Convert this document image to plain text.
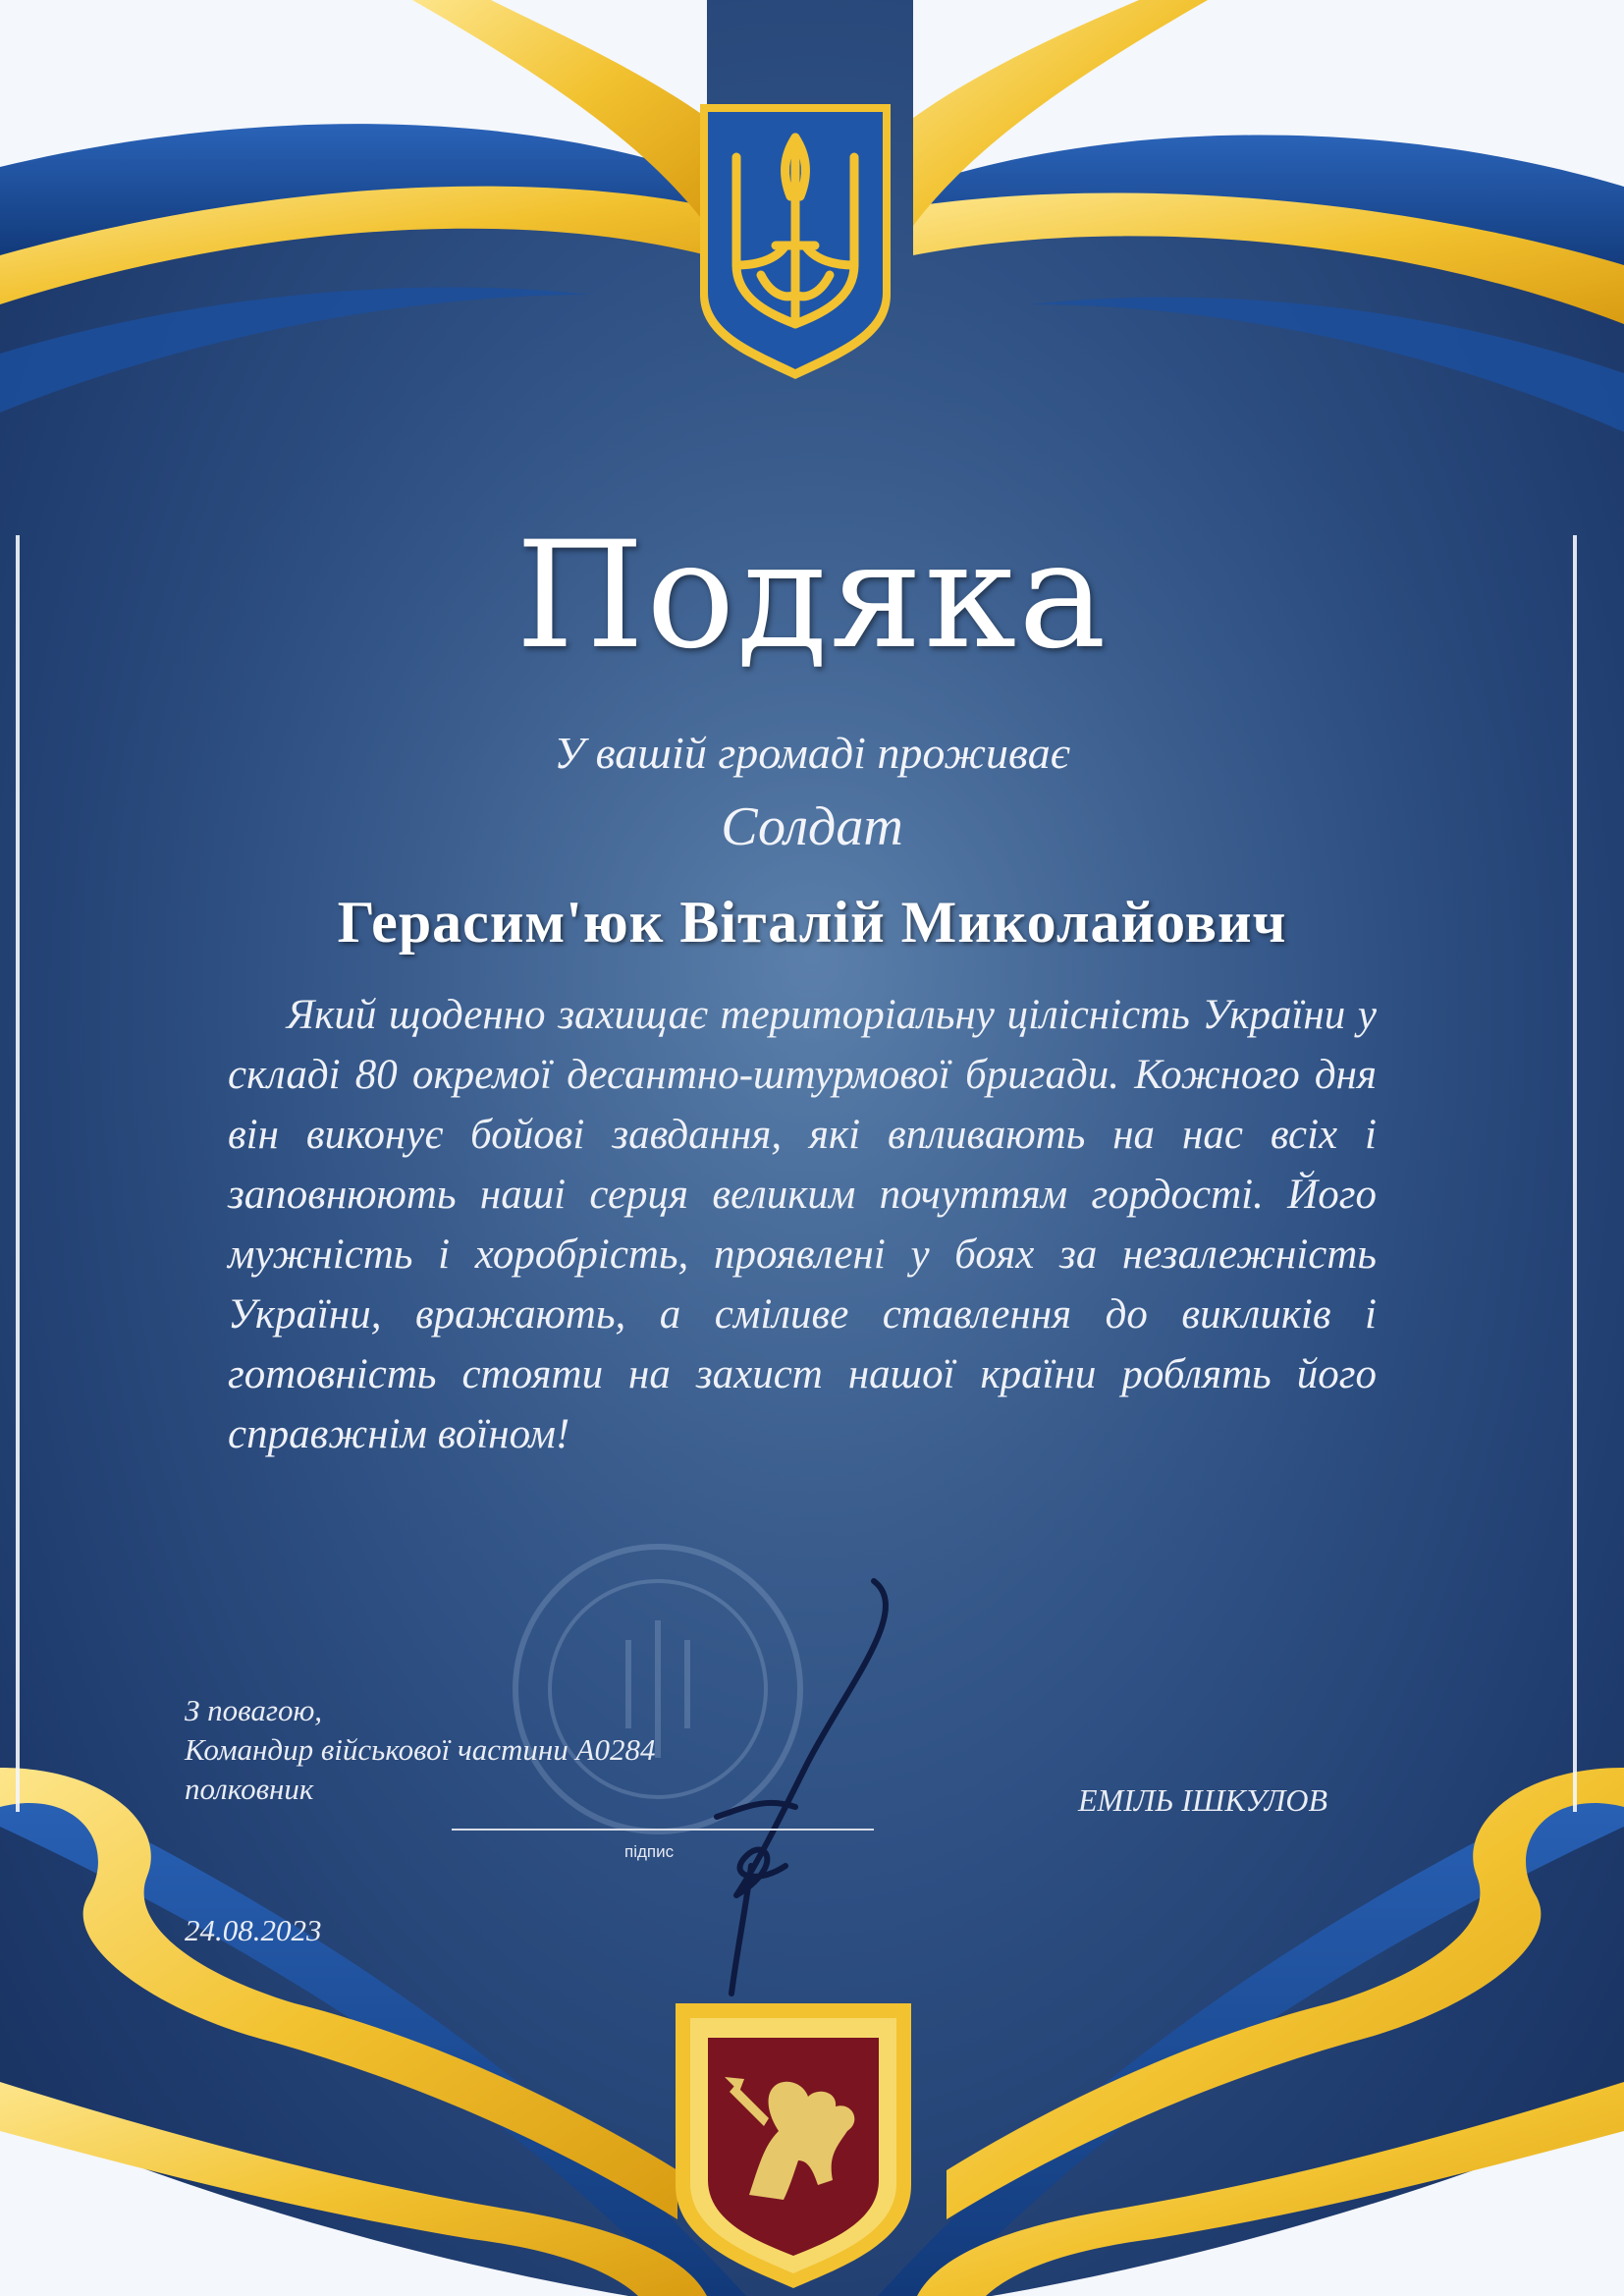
Подяка
У вашій громаді проживає
Солдат
Герасим'юк Віталій Миколайович
Який щоденно захищає територіальну цілісність України у складі 80 окремої десантно-штурмової бригади. Кожного дня він виконує бойові завдання, які впливають на нас всіх і заповнюють наші серця великим почуттям гордості. Його мужність і хоробрість, проявлені у боях за незалежність України, вражають, а сміливе ставлення до викликів і готовність стояти на захист нашої країни роблять його справжнім воїном!
З повагою,
Командир військової частини А0284
полковник
підпис
ЕМІЛЬ ІШКУЛОВ
24.08.2023
